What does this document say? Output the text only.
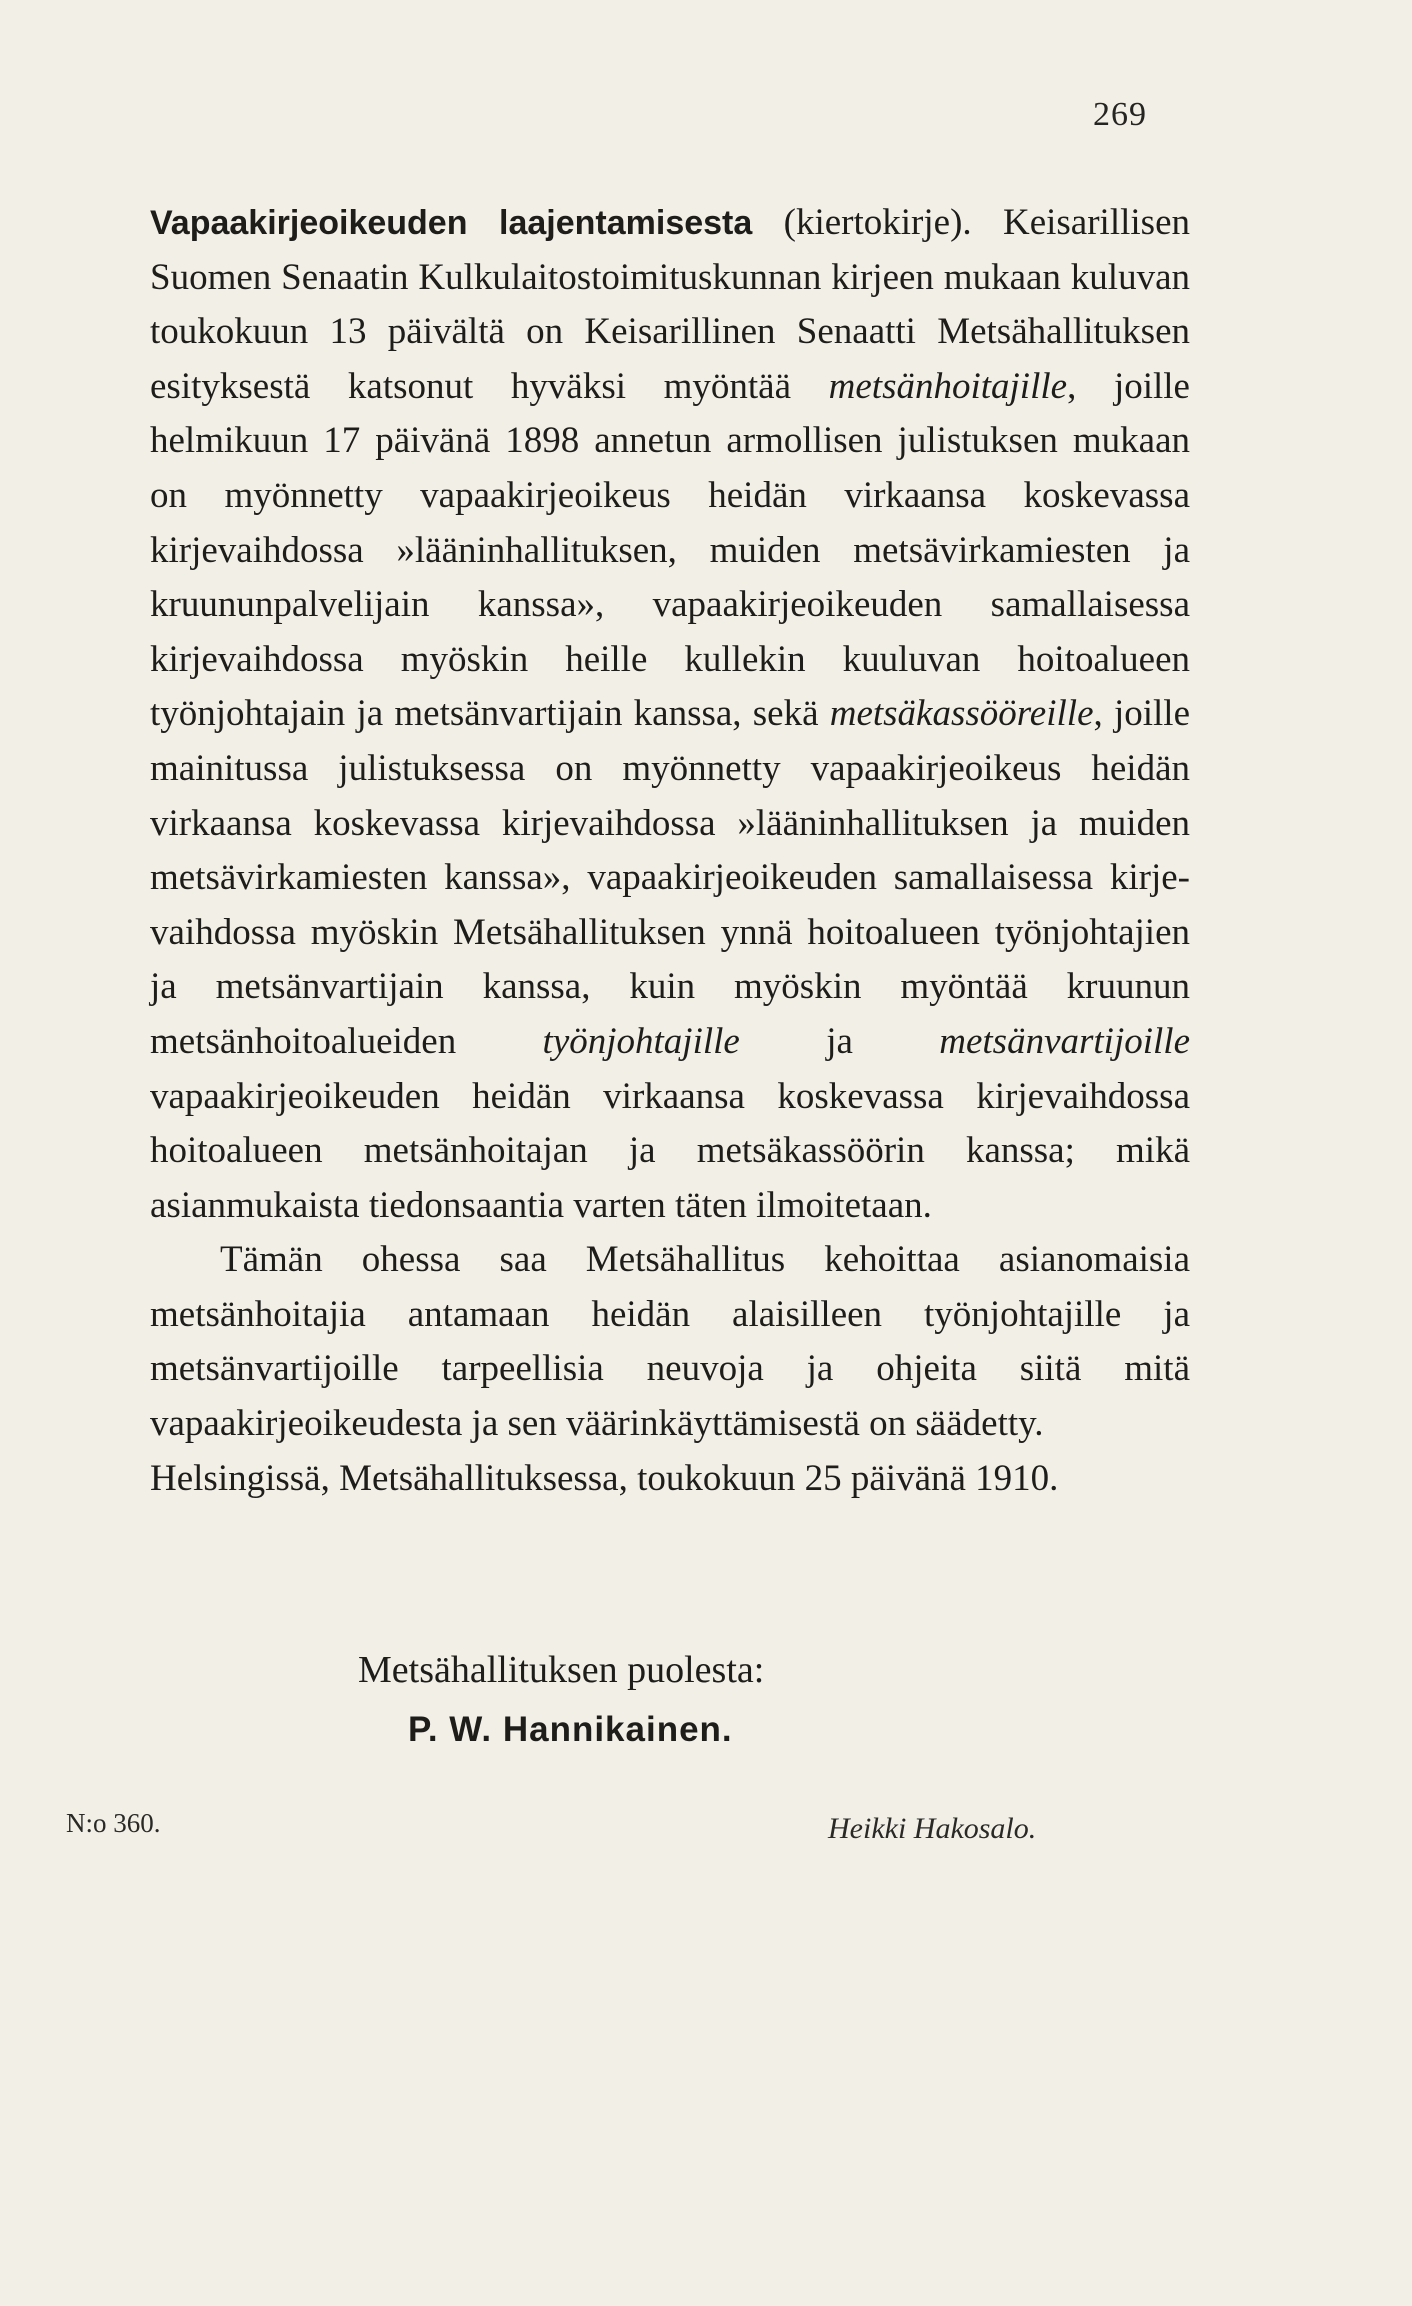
269

Vapaakirjeoikeuden laajentamisesta (kiertokirje). Keisarillisen Suomen Senaatin Kulkulaitostoimituskunnan kirjeen mukaan kuluvan toukokuun 13 päivältä on Keisarillinen Senaatti Metsähallituksen esityksestä katsonut hyväksi myöntää metsänhoitajille, joille helmikuun 17 päivänä 1898 annetun armollisen julistuksen mukaan on myönnetty vapaakirjeoikeus heidän virkaansa koskevassa kirjevaihdossa »lääninhallituksen, muiden metsävirkamiesten ja kruununpalvelijain kanssa», vapaakirjeoikeuden samallaisessa kirjevaihdossa myöskin heille kullekin kuuluvan hoitoalueen työnjohtajain ja metsänvartijain kanssa, sekä metsäkassööreille, joille mainitussa julistuksessa on myönnetty vapaakirjeoikeus heidän virkaansa koskevassa kirjevaihdossa »lääninhallituksen ja muiden metsävirkamiesten kanssa», vapaakirjeoikeuden samallaisessa kirjevaihdossa myöskin Metsähallituksen ynnä hoitoalueen työnjohtajien ja metsänvartijain kanssa, kuin myöskin myöntää kruunun metsänhoitoalueiden työnjohtajille ja metsänvartijoille vapaakirjeoikeuden heidän virkaansa koskevassa kirjevaihdossa hoitoalueen metsänhoitajan ja metsäkassöörin kanssa; mikä asianmukaista tiedonsaantia varten täten ilmoitetaan.

Tämän ohessa saa Metsähallitus kehoittaa asianomaisia metsänhoitajia antamaan heidän alaisilleen työnjohtajille ja metsänvartijoille tarpeellisia neuvoja ja ohjeita siitä mitä vapaakirjeoikeudesta ja sen väärinkäyttämisestä on säädetty.

Helsingissä, Metsähallituksessa, toukokuun 25 päivänä 1910.

Metsähallituksen puolesta:
P. W. Hannikainen.
N:o 360.	Heikki Hakosalo.
